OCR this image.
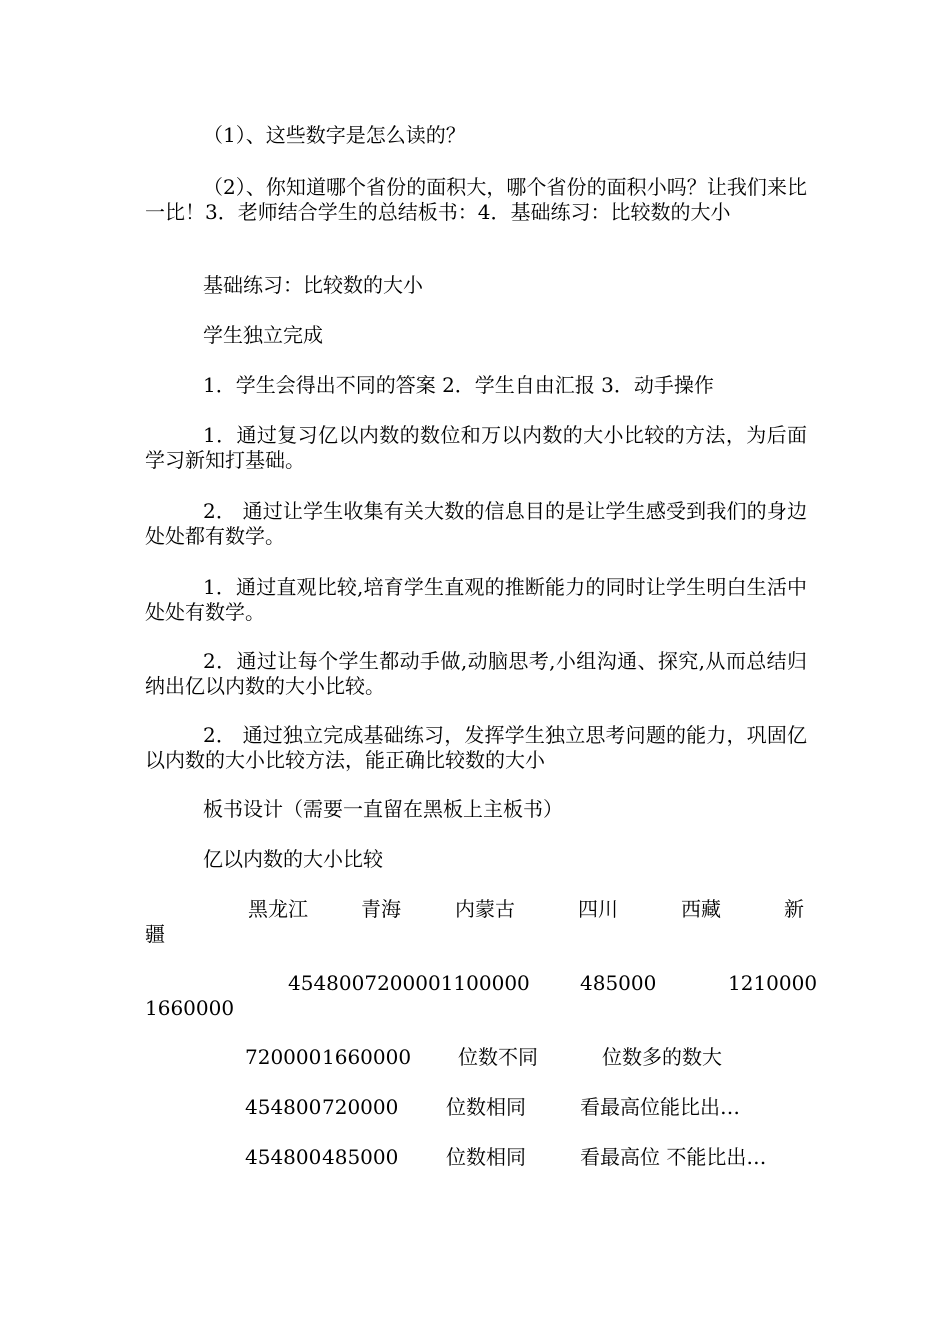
（1）、这些数字是怎么读的？
（2）、你知道哪个省份的面积大，哪个省份的面积小吗？让我们来比一比！3．老师结合学生的总结板书：4．基础练习：比较数的大小
基础练习：比较数的大小
学生独立完成
1．学生会得出不同的答案 2．学生自由汇报 3．动手操作
1．通过复习亿以内数的数位和万以内数的大小比较的方法，为后面学习新知打基础。
2． 通过让学生收集有关大数的信息目的是让学生感受到我们的身边处处都有数学。
1．通过直观比较,培育学生直观的推断能力的同时让学生明白生活中处处有数学。
2．通过让每个学生都动手做,动脑思考,小组沟通、探究,从而总结归纳出亿以内数的大小比较。
2． 通过独立完成基础练习，发挥学生独立思考问题的能力，巩固亿以内数的大小比较方法，能正确比较数的大小
板书设计（需要一直留在黑板上主板书）
亿以内数的大小比较
黑龙江	青海	内蒙古	四川	西藏	新
疆
4548007200001100000	485000	1210000
1660000
720000 1660000 位数不同	位数多的数大
454800 720000 位数相同	看最高位能比出…
454800 485000 位数相同	看最高位 不能比出…
